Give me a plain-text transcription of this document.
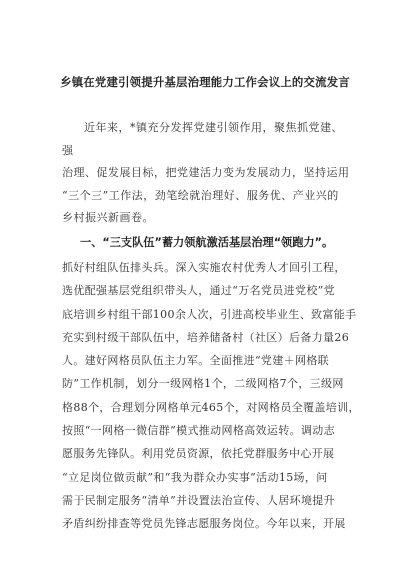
乡镇在党建引领提升基层治理能力工作会议上的交流发言

近年来，*镇充分发挥党建引领作用，聚焦抓党建、强

治理、促发展目标，把党建活力变为发展动力，坚持运用

“三个三”工作法，劲笔绘就治理好、服务优、产业兴的

乡村振兴新画卷。

一、“三支队伍”蓄力领航激活基层治理“领跑力”。
抓好村组队伍排头兵。深入实施农村优秀人才回引工程，
选优配强基层党组织带头人，通过“万名党员进党校”党
底培训乡村组干部100余人次，引进高校毕业生、致富能手
充实到村级干部队伍中，培养储备村（社区）后备力量26
人。建好网格员队伍主力军。全面推进“党建＋网格联
防”工作机制，划分一级网格1个，二级网格7个，三级网
格88个，合理划分网格单元465个，对网格员全覆盖培训，
按照“一网格一微信群”模式推动网格高效运转。调动志
愿服务先锋队。利用党员资源，依托党群服务中心开展
“立足岗位做贡献”和“我为群众办实事”活动15场，问
需于民制定服务“清单”并设置法治宣传、人居环境提升
矛盾纠纷排查等党员先锋志愿服务岗位。今年以来，开展
